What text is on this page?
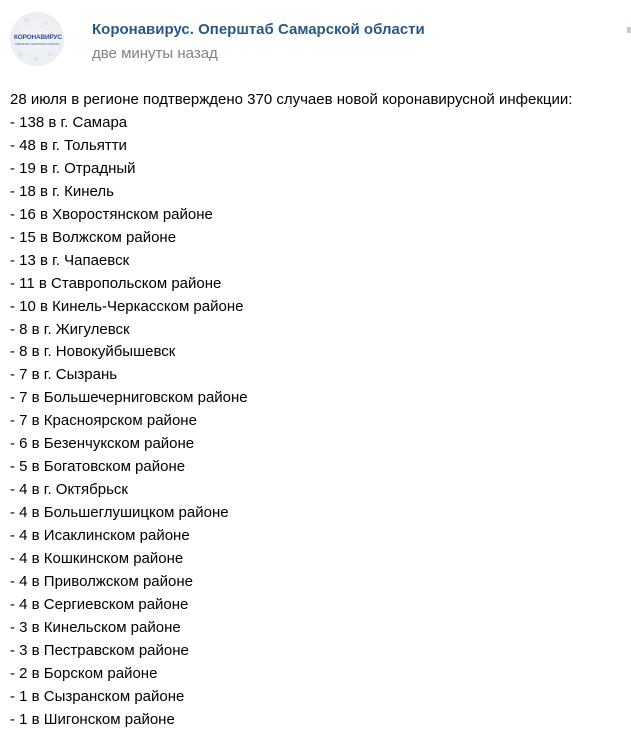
КОРОНАВИРУС
ОПЕРШТАБ САМАРСКОЙ ОБЛАСТИ
Коронавирус. Оперштаб Самарской области
две минуты назад
28 июля в регионе подтверждено 370 случаев новой коронавирусной инфекции:
- 138 в г. Самара
- 48 в г. Тольятти
- 19 в г. Отрадный
- 18 в г. Кинель
- 16 в Хворостянском районе
- 15 в Волжском районе
- 13 в г. Чапаевск
- 11 в Ставропольском районе
- 10 в Кинель-Черкасском районе
- 8 в г. Жигулевск
- 8 в г. Новокуйбышевск
- 7 в г. Сызрань
- 7 в Большечерниговском районе
- 7 в Красноярском районе
- 6 в Безенчукском районе
- 5 в Богатовском районе
- 4 в г. Октябрьск
- 4 в Большеглушицком районе
- 4 в Исаклинском районе
- 4 в Кошкинском районе
- 4 в Приволжском районе
- 4 в Сергиевском районе
- 3 в Кинельском районе
- 3 в Пестравском районе
- 2 в Борском районе
- 1 в Сызранском районе
- 1 в Шигонском районе
